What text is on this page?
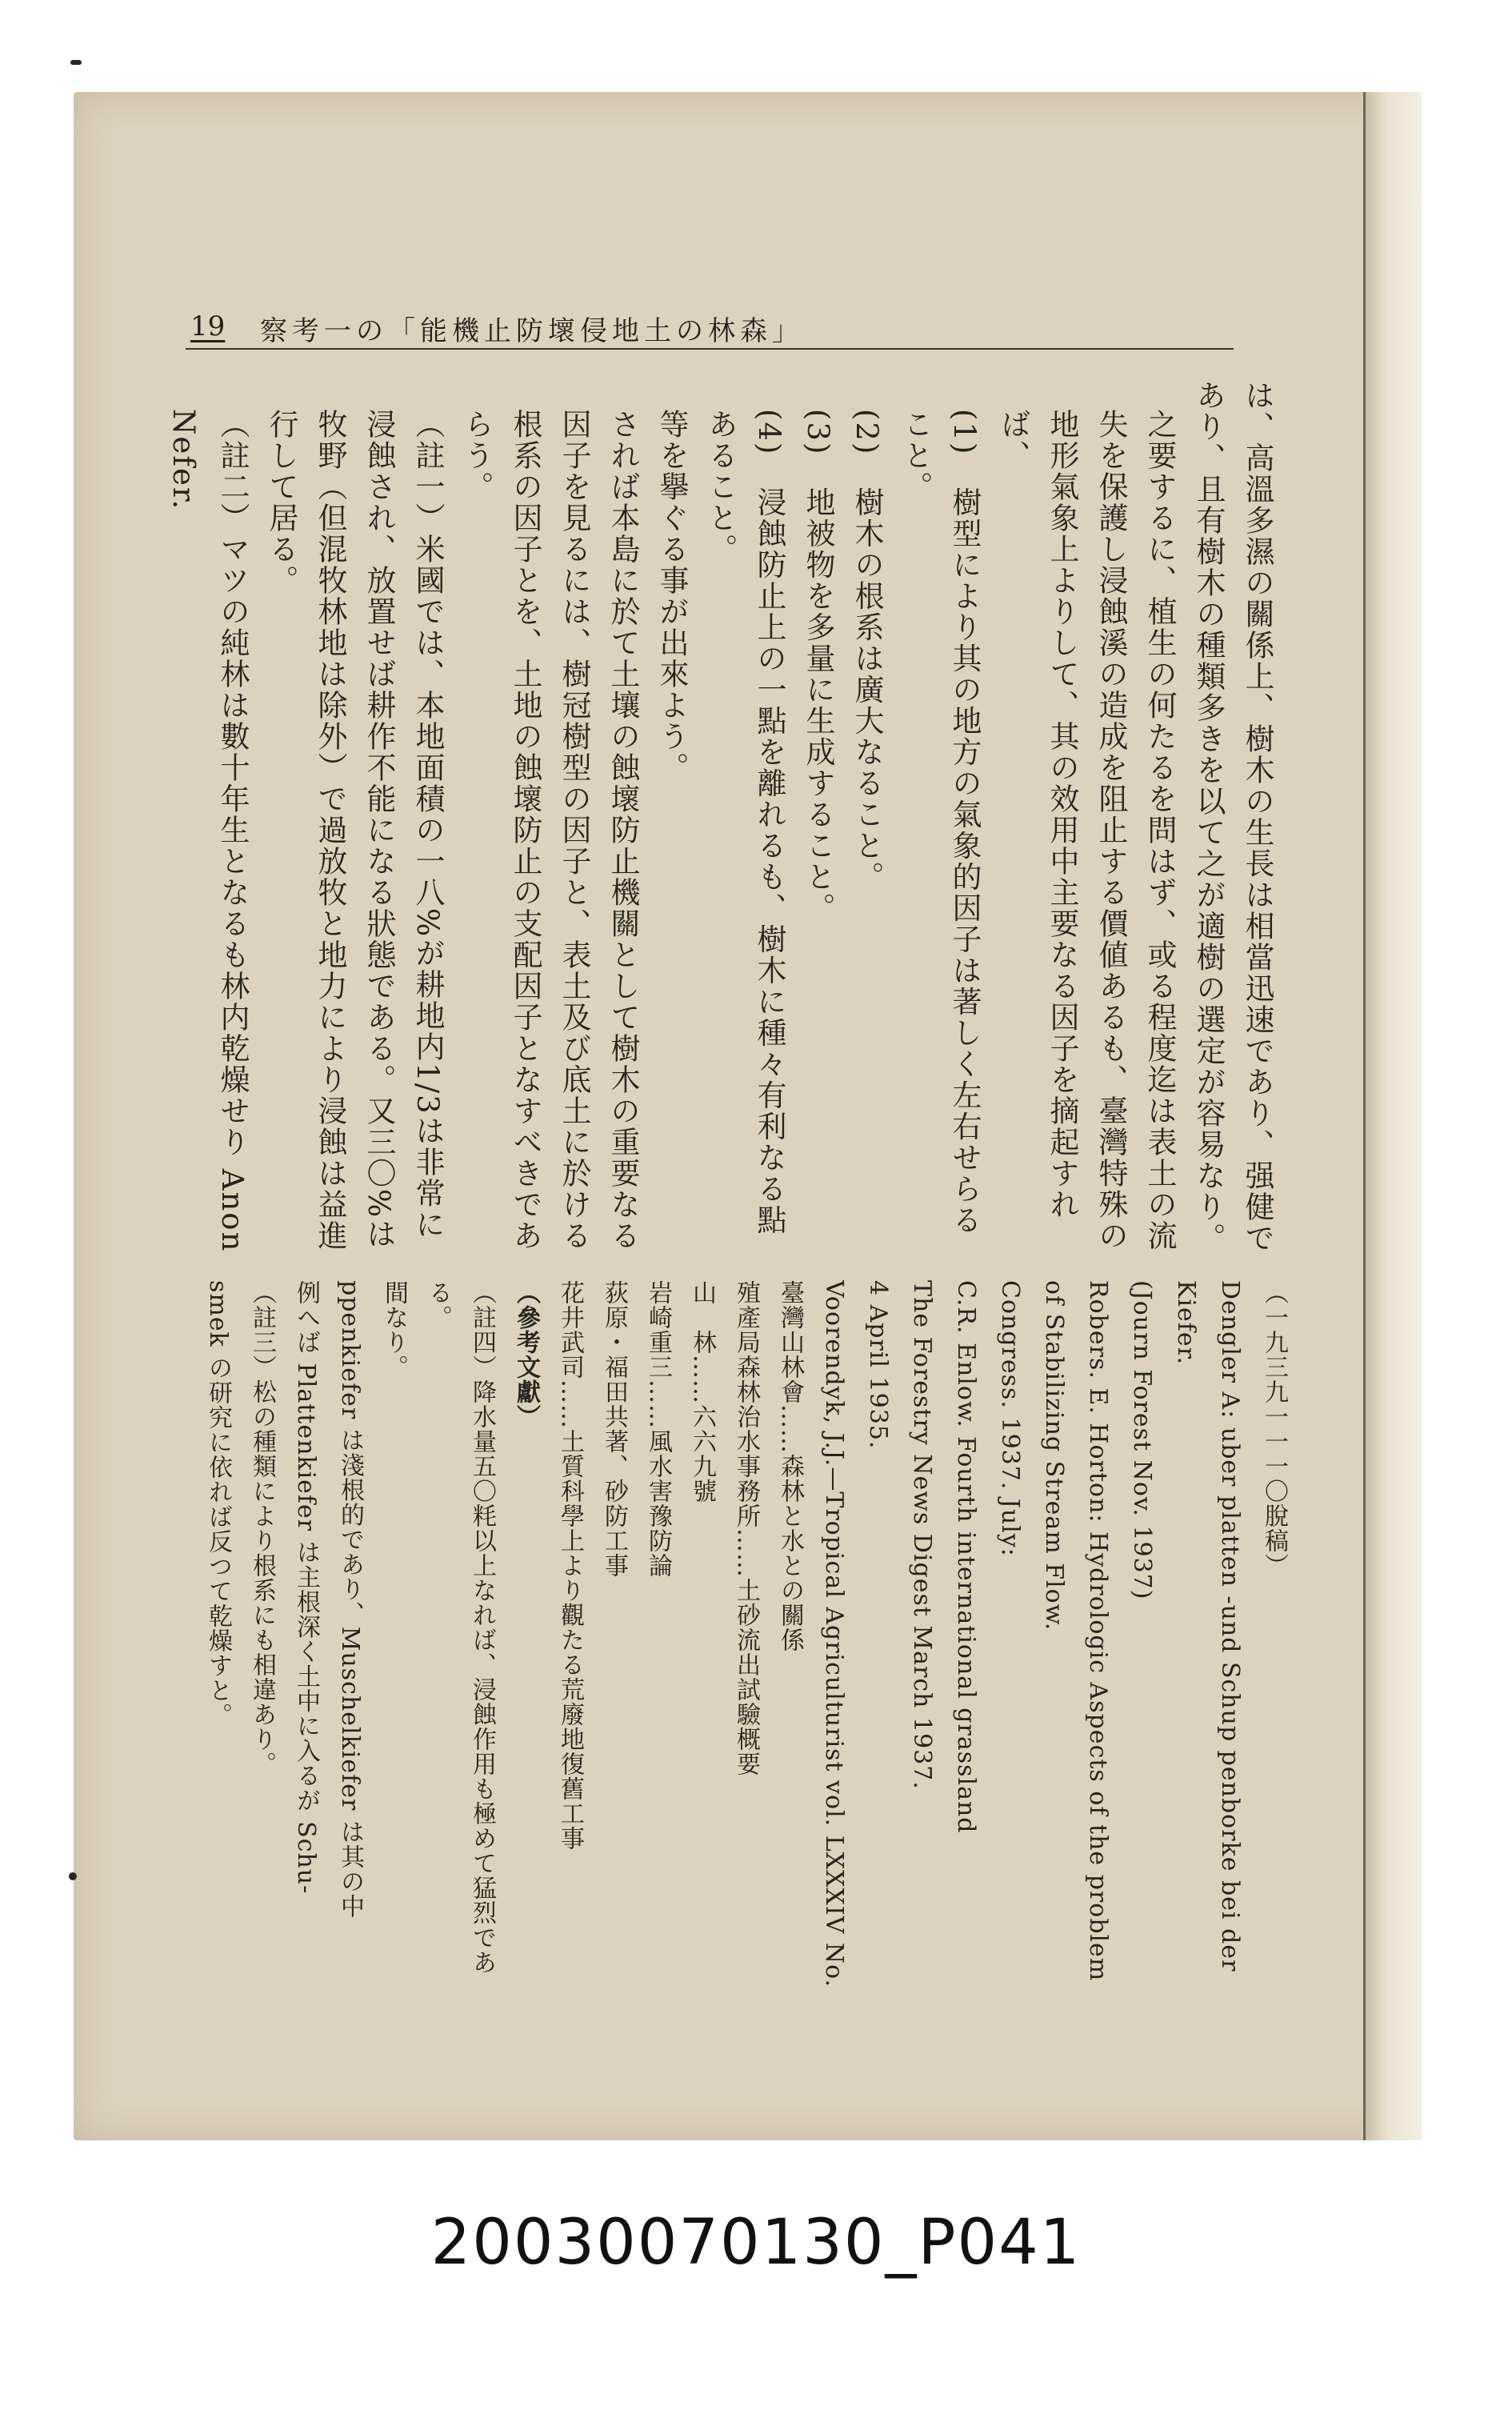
19 察考一の「能機止防壞侵地土の林森」

は、高溫多濕の關係上、樹木の生長は相當迅速であり、强健であり、且有樹木の種類多きを以て之が適樹の選定が容易なり。

之要するに、植生の何たるを問はず、或る程度迄は表土の流失を保護し浸蝕溪の造成を阻止する價値あるも、臺灣特殊の地形氣象上よりして、其の效用中主要なる因子を摘起すれば、

(1)　樹型により其の地方の氣象的因子は著しく左右せらること。

(2)　樹木の根系は廣大なること。

(3)　地被物を多量に生成すること。

(4)　浸蝕防止上の一點を離れるも、樹木に種々有利なる點あること。

等を擧ぐる事が出來よう。

されば本島に於て土壤の蝕壞防止機關として樹木の重要なる因子を見るには、樹冠樹型の因子と、表土及び底土に於ける根系の因子とを、土地の蝕壞防止の支配因子となすべきであらう。

（註一）米國では、本地面積の一八%が耕地内1/3は非常に浸蝕され、放置せば耕作不能になる狀態である。又三〇%は牧野（但混牧林地は除外）で過放牧と地力により浸蝕は益進行して居る。

（註二）マツの純林は數十年生となるも林内乾燥せり Anon Nefer.

（一九三九一一一〇脫稿）

Dengler A: uber platten -und Schup penborke bei der Kiefer.

(Journ Forest Nov. 1937)

Robers. E. Horton: Hydrologic Aspects of the problem of Stabilizing Stream Flow.

Congress. 1937. July:

C.R. Enlow. Fourth international grassland

The Forestry News Digest March 1937.

4 April 1935.

Voorendyk, J.J.—Tropical Agriculturist vol. LXXXIV No.

臺灣山林會……森林と水との關係

殖產局森林治水事務所……土砂流出試驗概要

山　林……六六九號

岩崎重三……風水害豫防論

荻原・福田共著、砂防工事

花井武司……土質科學上より觀たる荒廢地復舊工事

（參考文獻）

（註四）降水量五〇粍以上なれば、浸蝕作用も極めて猛烈である。

間なり。

ppenkiefer は淺根的であり、Muschelkiefer は其の中

例へば Plattenkiefer は主根深く土中に入るが Schu-

（註三）松の種類により根系にも相違あり。

smek の研究に依れば反つて乾燥すと。

20030070130_P041
